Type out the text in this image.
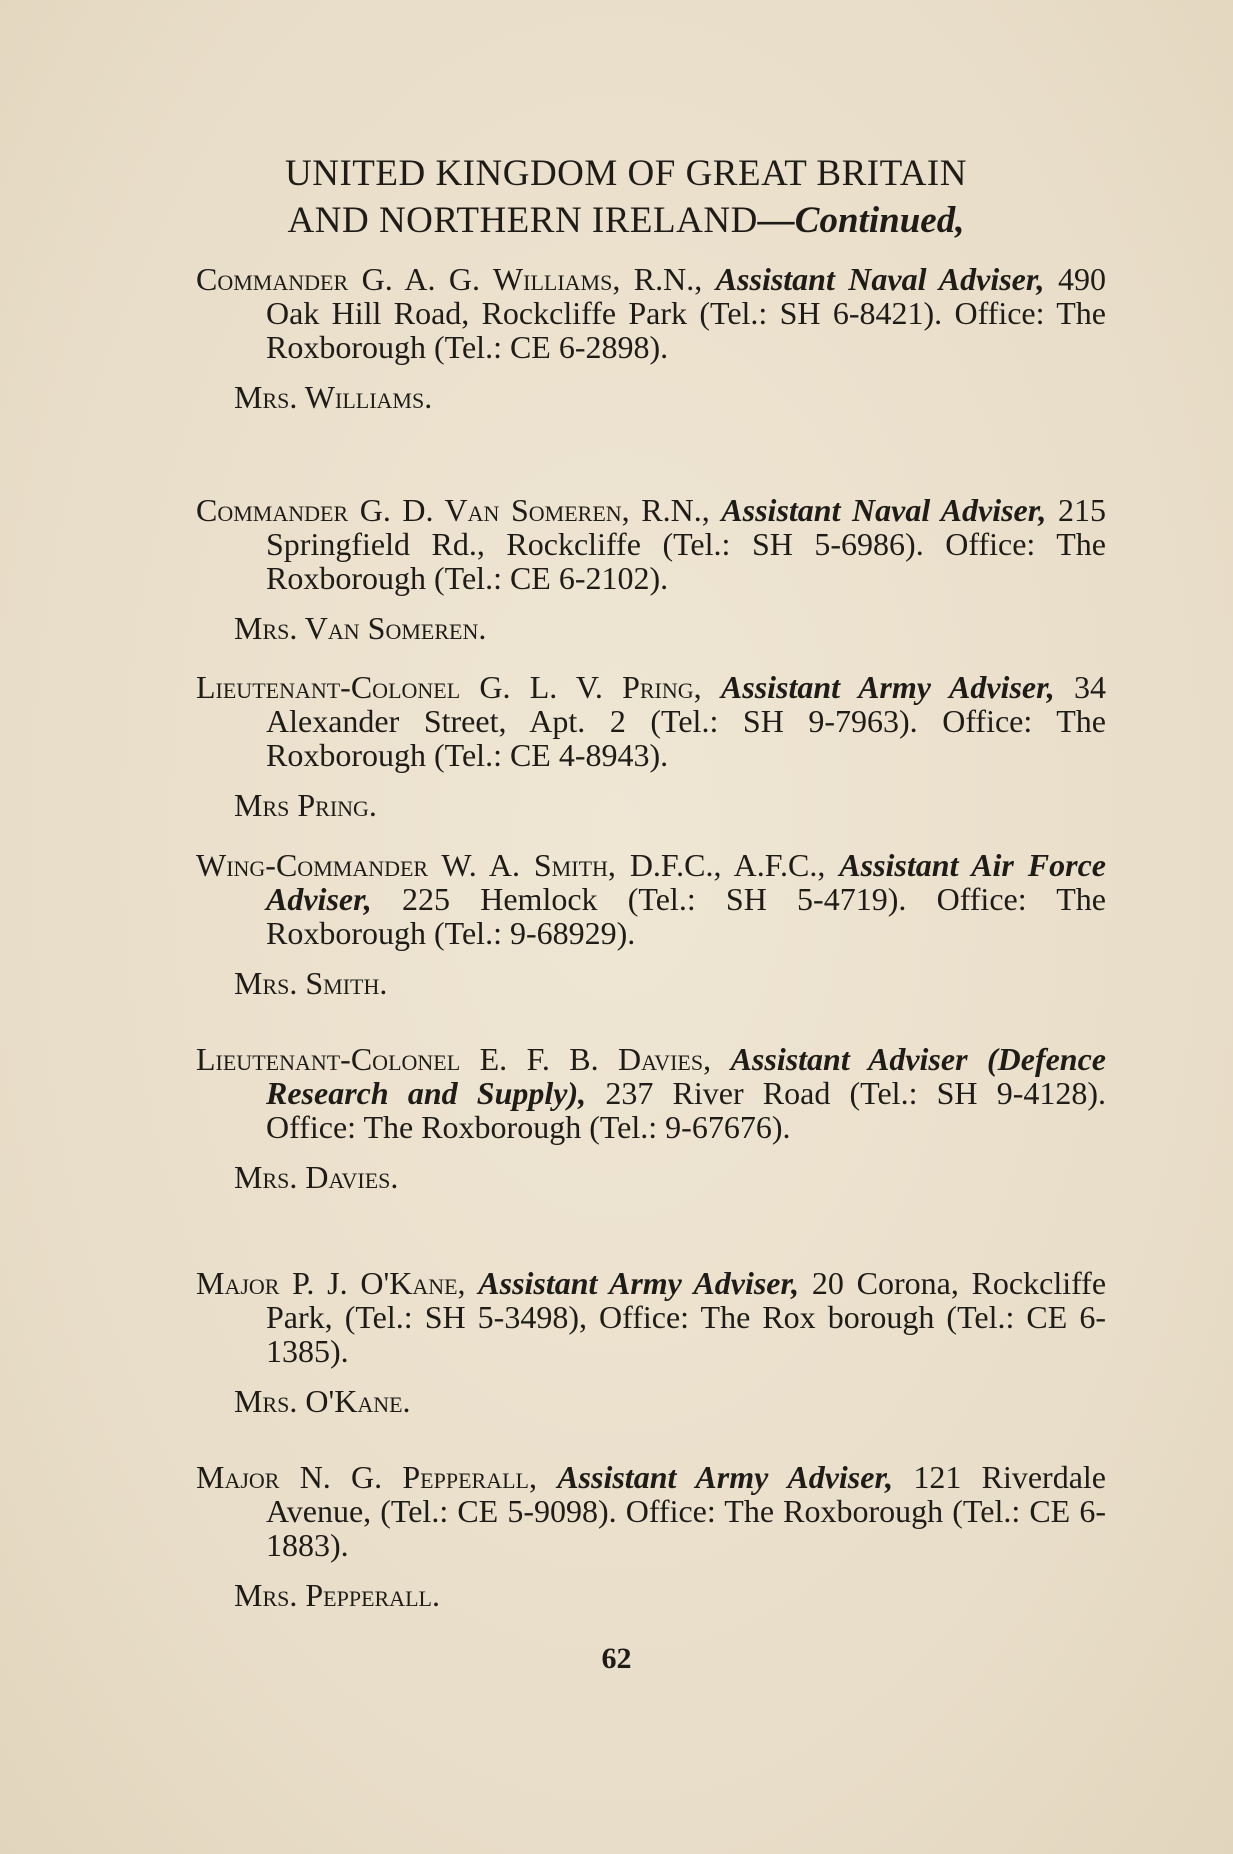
UNITED KINGDOM OF GREAT BRITAIN
AND NORTHERN IRELAND—Continued,
Commander G. A. G. Williams, R.N., Assistant Naval Adviser, 490 Oak Hill Road, Rockcliffe Park (Tel.: SH 6-8421). Office: The Roxborough (Tel.: CE 6-2898).
Mrs. Williams.
Commander G. D. Van Someren, R.N., Assistant Naval Adviser, 215 Springfield Rd., Rockcliffe (Tel.: SH 5-6986). Office: The Roxborough (Tel.: CE 6-2102).
Mrs. Van Someren.
Lieutenant-Colonel G. L. V. Pring, Assistant Army Adviser, 34 Alexander Street, Apt. 2 (Tel.: SH 9-7963). Office: The Roxborough (Tel.: CE 4-8943).
Mrs Pring.
Wing-Commander W. A. Smith, D.F.C., A.F.C., Assistant Air Force Adviser, 225 Hemlock (Tel.: SH 5-4719). Office: The Roxborough (Tel.: 9-68929).
Mrs. Smith.
Lieutenant-Colonel E. F. B. Davies, Assistant Adviser (Defence Research and Supply), 237 River Road (Tel.: SH 9-4128). Office: The Roxborough (Tel.: 9-67676).
Mrs. Davies.
Major P. J. O'Kane, Assistant Army Adviser, 20 Corona, Rockcliffe Park, (Tel.: SH 5-3498), Office: The Rox borough (Tel.: CE 6-1385).
Mrs. O'Kane.
Major N. G. Pepperall, Assistant Army Adviser, 121 Riverdale Avenue, (Tel.: CE 5-9098). Office: The Roxborough (Tel.: CE 6-1883).
Mrs. Pepperall.
62
